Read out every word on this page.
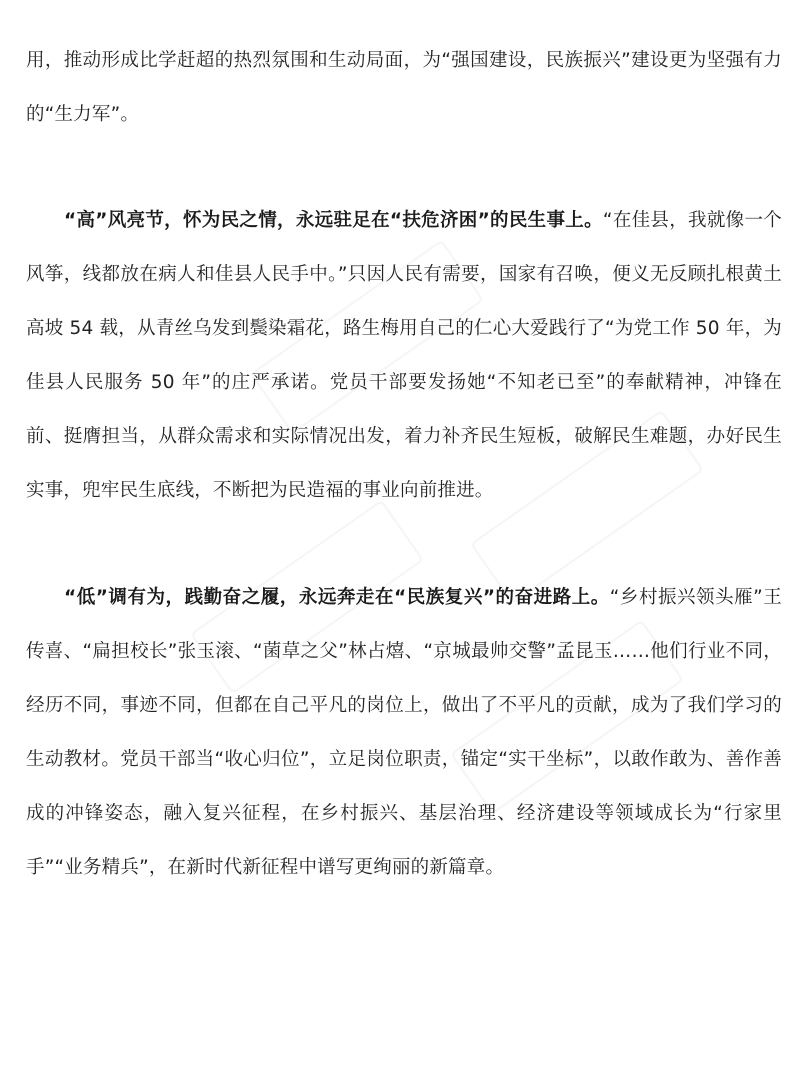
用，推动形成比学赶超的热烈氛围和生动局面，为“强国建设，民族振兴”建设更为坚强有力的“生力军”。

“高”风亮节，怀为民之情，永远驻足在“扶危济困”的民生事上。“在佳县，我就像一个风筝，线都放在病人和佳县人民手中。”只因人民有需要，国家有召唤，便义无反顾扎根黄土高坡 54 载，从青丝乌发到鬓染霜花，路生梅用自己的仁心大爱践行了“为党工作 50 年，为佳县人民服务 50 年”的庄严承诺。党员干部要发扬她“不知老已至”的奉献精神，冲锋在前、挺膺担当，从群众需求和实际情况出发，着力补齐民生短板，破解民生难题，办好民生实事，兜牢民生底线，不断把为民造福的事业向前推进。

“低”调有为，践勤奋之履，永远奔走在“民族复兴”的奋进路上。“乡村振兴领头雁”王传喜、“扁担校长”张玉滚、“菌草之父”林占熺、“京城最帅交警”孟昆玉……他们行业不同，经历不同，事迹不同，但都在自己平凡的岗位上，做出了不平凡的贡献，成为了我们学习的生动教材。党员干部当“收心归位”，立足岗位职责，锚定“实干坐标”，以敢作敢为、善作善成的冲锋姿态，融入复兴征程，在乡村振兴、基层治理、经济建设等领域成长为“行家里手”“业务精兵”，在新时代新征程中谱写更绚丽的新篇章。
